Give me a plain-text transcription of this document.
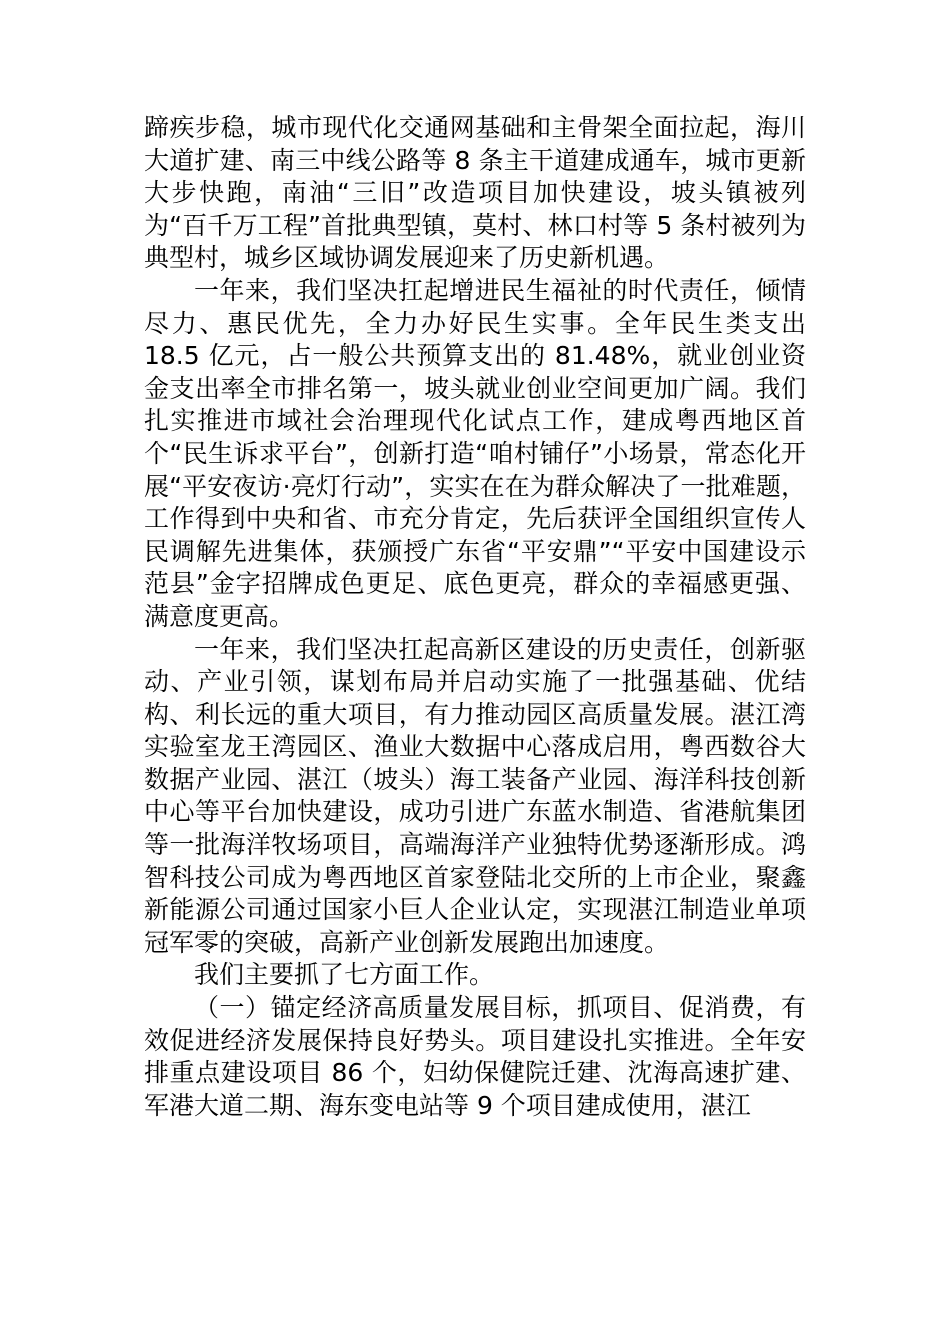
蹄疾步稳，城市现代化交通网基础和主骨架全面拉起，海川大道扩建、南三中线公路等 8 条主干道建成通车，城市更新大步快跑，南油“三旧”改造项目加快建设，坡头镇被列为“百千万工程”首批典型镇，莫村、林口村等 5 条村被列为典型村，城乡区域协调发展迎来了历史新机遇。

一年来，我们坚决扛起增进民生福祉的时代责任，倾情尽力、惠民优先，全力办好民生实事。全年民生类支出 18.5 亿元，占一般公共预算支出的 81.48%，就业创业资金支出率全市排名第一，坡头就业创业空间更加广阔。我们扎实推进市域社会治理现代化试点工作，建成粤西地区首个“民生诉求平台”，创新打造“咱村铺仔”小场景，常态化开展“平安夜访·亮灯行动”，实实在在为群众解决了一批难题，工作得到中央和省、市充分肯定，先后获评全国组织宣传人民调解先进集体，获颁授广东省“平安鼎”“平安中国建设示范县”金字招牌成色更足、底色更亮，群众的幸福感更强、满意度更高。

一年来，我们坚决扛起高新区建设的历史责任，创新驱动、产业引领，谋划布局并启动实施了一批强基础、优结构、利长远的重大项目，有力推动园区高质量发展。湛江湾实验室龙王湾园区、渔业大数据中心落成启用，粤西数谷大数据产业园、湛江（坡头）海工装备产业园、海洋科技创新中心等平台加快建设，成功引进广东蓝水制造、省港航集团等一批海洋牧场项目，高端海洋产业独特优势逐渐形成。鸿智科技公司成为粤西地区首家登陆北交所的上市企业，聚鑫新能源公司通过国家小巨人企业认定，实现湛江制造业单项冠军零的突破，高新产业创新发展跑出加速度。

我们主要抓了七方面工作。

（一）锚定经济高质量发展目标，抓项目、促消费，有效促进经济发展保持良好势头。项目建设扎实推进。全年安排重点建设项目 86 个，妇幼保健院迁建、沈海高速扩建、军港大道二期、海东变电站等 9 个项目建成使用，湛江
